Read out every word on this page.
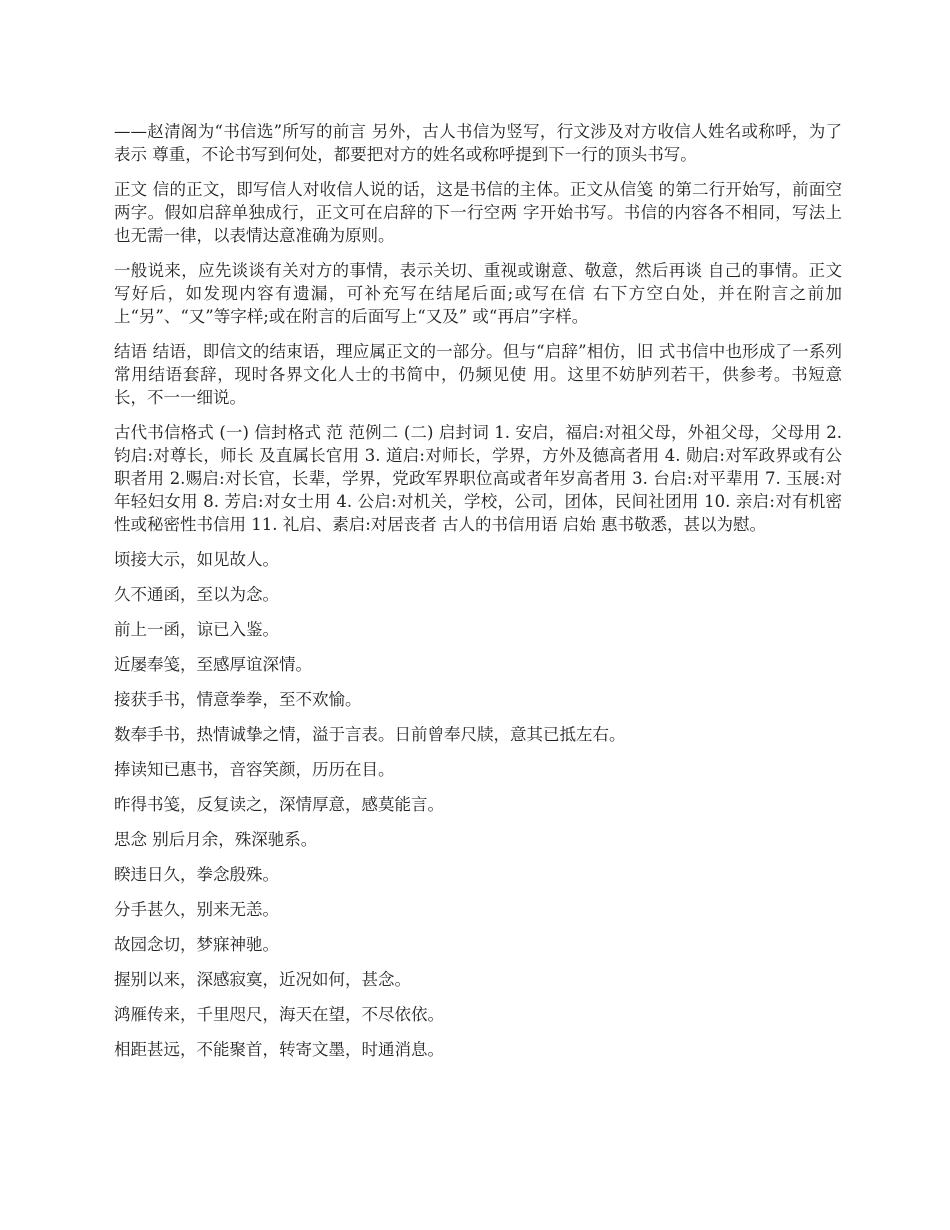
——赵清阁为“书信选”所写的前言 另外，古人书信为竖写，行文涉及对方收信人姓名或称呼，为了表示 尊重，不论书写到何处，都要把对方的姓名或称呼提到下一行的顶头书写。

正文 信的正文，即写信人对收信人说的话，这是书信的主体。正文从信笺 的第二行开始写，前面空两字。假如启辞单独成行，正文可在启辞的下一行空两 字开始书写。书信的内容各不相同，写法上也无需一律，以表情达意准确为原则。

一般说来，应先谈谈有关对方的事情，表示关切、重视或谢意、敬意，然后再谈 自己的事情。正文写好后，如发现内容有遗漏，可补充写在结尾后面;或写在信 右下方空白处，并在附言之前加上“另”、“又”等字样;或在附言的后面写上“又及” 或“再启”字样。

结语 结语，即信文的结束语，理应属正文的一部分。但与“启辞”相仿，旧 式书信中也形成了一系列常用结语套辞，现时各界文化人士的书简中，仍频见使 用。这里不妨胪列若干，供参考。书短意长，不一一细说。

古代书信格式 (一) 信封格式 范 范例二 (二) 启封词 1. 安启，福启:对祖父母，外祖父母，父母用 2. 钧启:对尊长，师长 及直属长官用 3. 道启:对师长，学界，方外及德高者用 4. 勋启:对军政界或有公 职者用 2.赐启:对长官，长辈，学界，党政军界职位高或者年岁高者用 3. 台启:对平辈用 7. 玉展:对年轻妇女用 8. 芳启:对女士用 4. 公启:对机关，学校，公司，团体，民间社团用 10. 亲启:对有机密 性或秘密性书信用 11. 礼启、素启:对居丧者 古人的书信用语 启始 惠书敬悉，甚以为慰。

顷接大示，如见故人。

久不通函，至以为念。

前上一函，谅已入鉴。

近屡奉笺，至感厚谊深情。

接获手书，情意拳拳，至不欢愉。

数奉手书，热情诚挚之情，溢于言表。日前曾奉尺牍，意其已抵左右。

捧读知已惠书，音容笑颜，历历在目。

昨得书笺，反复读之，深情厚意，感莫能言。

思念 别后月余，殊深驰系。

睽违日久，拳念殷殊。

分手甚久，别来无恙。

故园念切，梦寐神驰。

握别以来，深感寂寞，近况如何，甚念。

鸿雁传来，千里咫尺，海天在望，不尽依依。

相距甚远，不能聚首，转寄文墨，时通消息。
